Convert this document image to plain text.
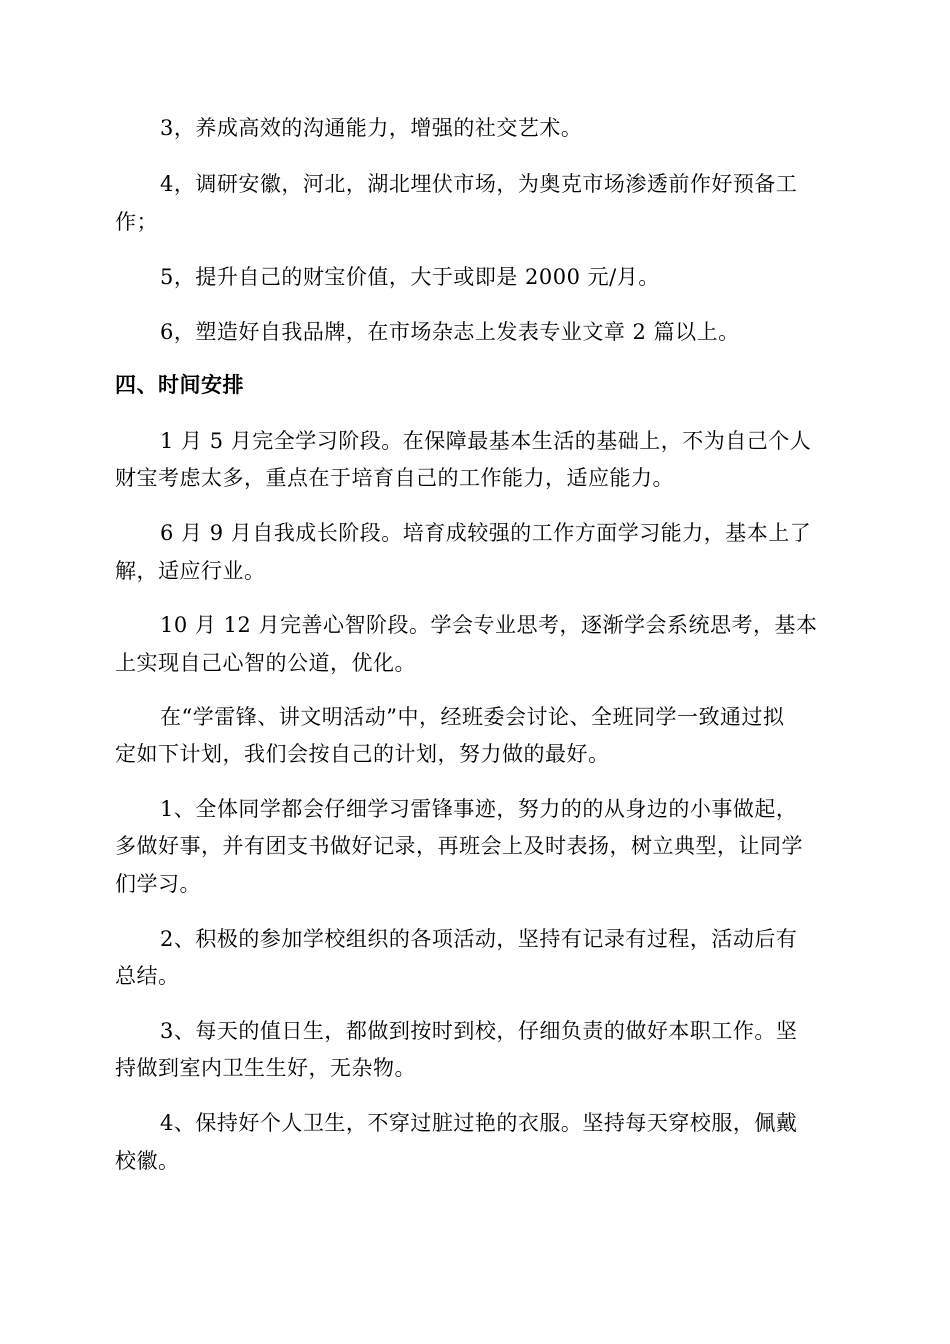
3，养成高效的沟通能力，增强的社交艺术。
4，调研安徽，河北，湖北埋伏市场，为奥克市场渗透前作好预备工
作；
5，提升自己的财宝价值，大于或即是 2000 元/月。
6，塑造好自我品牌，在市场杂志上发表专业文章 2 篇以上。
四、时间安排
1 月 5 月完全学习阶段。在保障最基本生活的基础上，不为自己个人
财宝考虑太多，重点在于培育自己的工作能力，适应能力。
6 月 9 月自我成长阶段。培育成较强的工作方面学习能力，基本上了
解，适应行业。
10 月 12 月完善心智阶段。学会专业思考，逐渐学会系统思考，基本
上实现自己心智的公道，优化。
在“学雷锋、讲文明活动”中，经班委会讨论、全班同学一致通过拟
定如下计划，我们会按自己的计划，努力做的最好。
1、全体同学都会仔细学习雷锋事迹，努力的的从身边的小事做起，
多做好事，并有团支书做好记录，再班会上及时表扬，树立典型，让同学
们学习。
2、积极的参加学校组织的各项活动，坚持有记录有过程，活动后有
总结。
3、每天的值日生，都做到按时到校，仔细负责的做好本职工作。坚
持做到室内卫生生好，无杂物。
4、保持好个人卫生，不穿过脏过艳的衣服。坚持每天穿校服，佩戴
校徽。
